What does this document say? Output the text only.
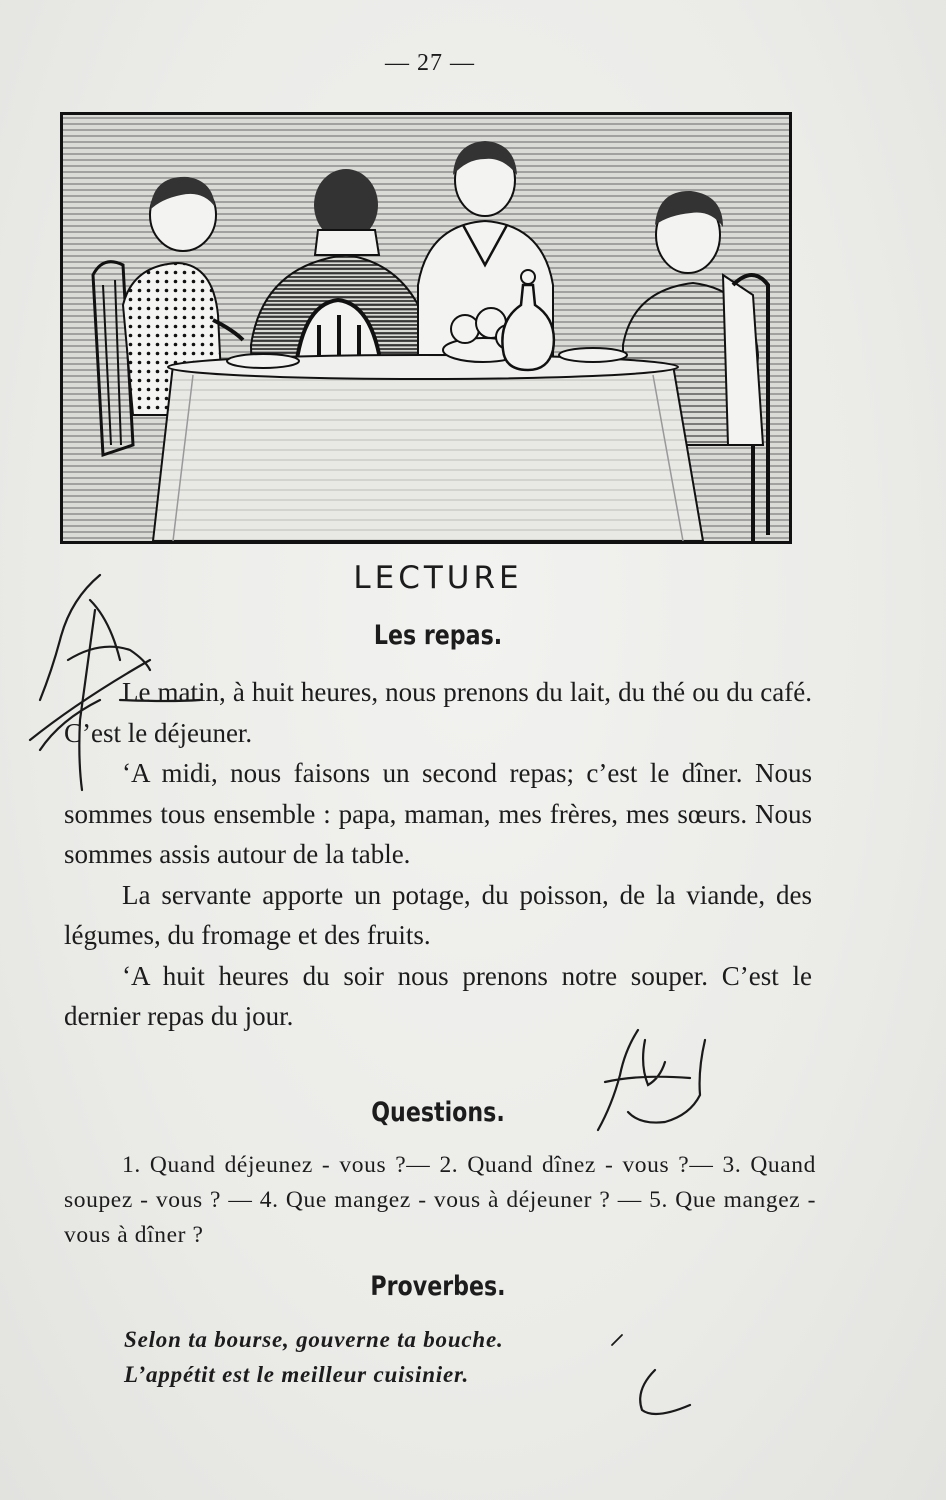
— 27 —
LECTURE
Les repas.

Le matin, à huit heures, nous prenons du lait, du thé ou du café. C’est le déjeuner.

‘A midi, nous faisons un second repas; c’est le dîner. Nous sommes tous ensemble : papa, maman, mes frères, mes sœurs. Nous sommes assis autour de la table.

La servante apporte un potage, du poisson, de la viande, des légumes, du fromage et des fruits.

‘A huit heures du soir nous prenons notre souper. C’est le dernier repas du jour.

Questions.

1. Quand déjeunez - vous ?— 2. Quand dînez - vous ?— 3. Quand soupez - vous ? — 4. Que mangez - vous à déjeuner ? — 5. Que mangez - vous à dîner ?

Proverbes.
Selon ta bourse, gouverne ta bouche.
L’appétit est le meilleur cuisinier.
